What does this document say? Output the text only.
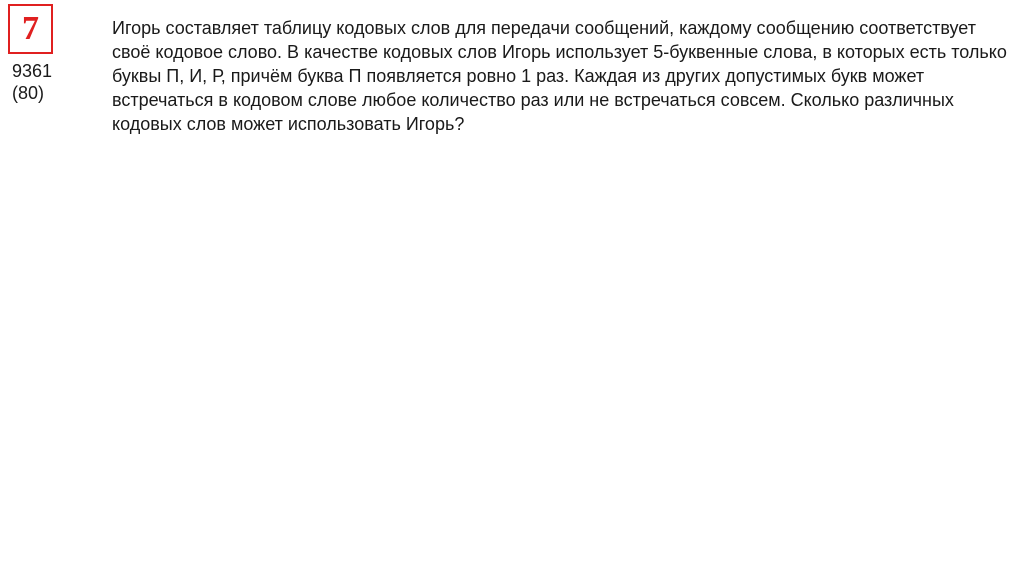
7
9361
(80)

Игорь составляет таблицу кодовых слов для передачи сообщений, каждому сообщению соответствует своё кодовое слово. В качестве кодовых слов Игорь использует 5-буквенные слова, в которых есть только буквы П, И, Р, причём буква П появляется ровно 1 раз. Каждая из других допустимых букв может встречаться в кодовом слове любое количество раз или не встречаться совсем. Сколько различных кодовых слов может использовать Игорь?
